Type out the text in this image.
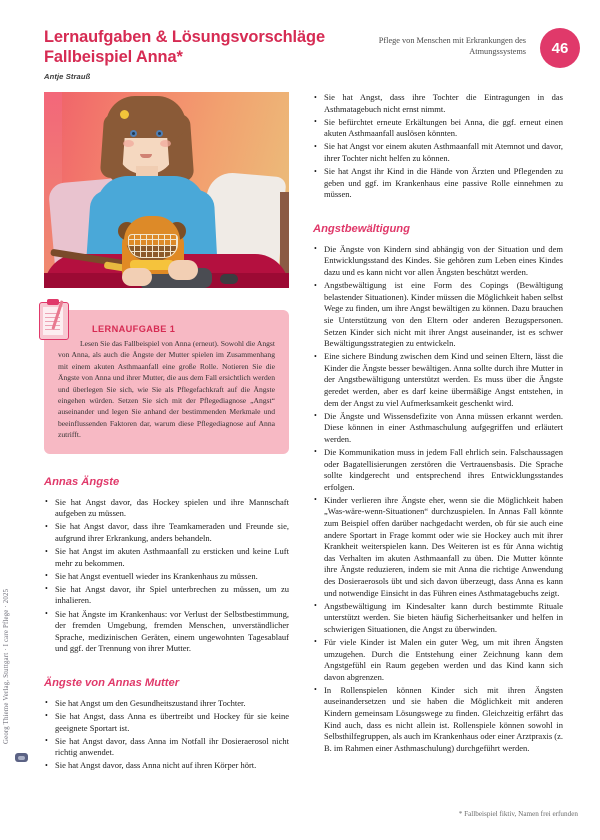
Lernaufgaben & Lösungsvorschläge
Fallbeispiel Anna*
Antje Strauß
Pflege von Menschen mit Erkrankungen des Atmungssystems	46
LERNAUFGABE 1

Lesen Sie das Fallbeispiel von Anna (erneut). Sowohl die Angst von Anna, als auch die Ängste der Mutter spielen im Zusammenhang mit einem akuten Asthmaanfall eine große Rolle. Notieren Sie die Ängste von Anna und ihrer Mutter, die aus dem Fall ersichtlich werden und überlegen Sie sich, wie Sie als Pflegefachkraft auf die Ängste eingehen würden. Setzen Sie sich mit der Pflegediagnose „Angst“ auseinander und legen Sie anhand der bestimmenden Merkmale und beeinflussenden Faktoren dar, warum diese Pflegediagnose auf Anna zutrifft.

Annas Ängste
• Sie hat Angst davor, das Hockey spielen und ihre Mannschaft aufgeben zu müssen.
• Sie hat Angst davor, dass ihre Teamkameraden und Freunde sie, aufgrund ihrer Erkrankung, anders behandeln.
• Sie hat Angst im akuten Asthmaanfall zu ersticken und keine Luft mehr zu bekommen.
• Sie hat Angst eventuell wieder ins Krankenhaus zu müssen.
• Sie hat Angst davor, ihr Spiel unterbrechen zu müssen, um zu inhalieren.
• Sie hat Ängste im Krankenhaus: vor Verlust der Selbstbestimmung, der fremden Umgebung, fremden Menschen, unverständlicher Sprache, medizinischen Geräten, einem ungewohnten Tagesablauf und ggf. der Trennung von ihrer Mutter.
Ängste von Annas Mutter
• Sie hat Angst um den Gesundheitszustand ihrer Tochter.
• Sie hat Angst, dass Anna es übertreibt und Hockey für sie keine geeignete Sportart ist.
• Sie hat Angst davor, dass Anna im Notfall ihr Dosieraerosol nicht richtig anwendet.
• Sie hat Angst davor, dass Anna nicht auf ihren Körper hört.
• Sie hat Angst, dass ihre Tochter die Eintragungen in das Asthmatagebuch nicht ernst nimmt.
• Sie befürchtet erneute Erkältungen bei Anna, die ggf. erneut einen akuten Asthmaanfall auslösen könnten.
• Sie hat Angst vor einem akuten Asthmaanfall mit Atemnot und davor, ihrer Tochter nicht helfen zu können.
• Sie hat Angst ihr Kind in die Hände von Ärzten und Pflegenden zu geben und ggf. im Krankenhaus eine passive Rolle einnehmen zu müssen.
Angstbewältigung
• Die Ängste von Kindern sind abhängig von der Situation und dem Entwicklungsstand des Kindes. Sie gehören zum Leben eines Kindes dazu und es kann nicht vor allen Ängsten beschützt werden.
• Angstbewältigung ist eine Form des Copings (Bewältigung belastender Situationen). Kinder müssen die Möglichkeit haben selbst Wege zu finden, um ihre Angst bewältigen zu können. Dazu brauchen sie Unterstützung von den Eltern oder anderen Bezugspersonen. Setzen Kinder sich nicht mit ihrer Angst auseinander, ist es schwer Bewältigungsstrategien zu entwickeln.
• Eine sichere Bindung zwischen dem Kind und seinen Eltern, lässt die Kinder die Ängste besser bewältigen. Anna sollte durch ihre Mutter in der Angstbewältigung unterstützt werden. Es muss über die Ängste geredet werden, aber es darf keine übermäßige Angst entstehen, in dem der Angst zu viel Aufmerksamkeit geschenkt wird.
• Die Ängste und Wissensdefizite von Anna müssen erkannt werden. Diese können in einer Asthmaschulung aufgegriffen und erläutert werden.
• Die Kommunikation muss in jedem Fall ehrlich sein. Falschaussagen oder Bagatellisierungen zerstören die Vertrauensbasis. Die Sprache sollte kindgerecht und entsprechend ihres Entwicklungsstandes erfolgen.
• Kinder verlieren ihre Ängste eher, wenn sie die Möglichkeit haben „Was-wäre-wenn-Situationen“ durchzuspielen. In Annas Fall könnte zum Beispiel offen darüber nachgedacht werden, ob für sie auch eine andere Sportart in Frage kommt oder wie sie Hockey auch mit ihrer Krankheit weiterspielen kann. Des Weiteren ist es für Anna wichtig das Verhalten im akuten Asthmaanfall zu üben. Die Mutter könnte ihre Ängste reduzieren, indem sie mit Anna die richtige Anwendung des Dosieraerosols übt und sich davon überzeugt, dass Anna es kann und notwendige Einsicht in das Führen eines Asthmatagebuchs zeigt.
• Angstbewältigung im Kindesalter kann durch bestimmte Rituale unterstützt werden. Sie bieten häufig Sicherheitsanker und helfen in schwierigen Situationen, die Angst zu überwinden.
• Für viele Kinder ist Malen ein guter Weg, um mit ihren Ängsten umzugehen. Durch die Entstehung einer Zeichnung kann dem Angstgefühl ein Raum gegeben werden und das Kind kann sich davon abgrenzen.
• In Rollenspielen können Kinder sich mit ihren Ängsten auseinandersetzen und sie haben die Möglichkeit mit anderen Kindern gemeinsam Lösungswege zu finden. Gleichzeitig erfährt das Kind auch, dass es nicht allein ist. Rollenspiele können sowohl in Selbsthilfegruppen, als auch im Krankenhaus oder einer Arztpraxis (z. B. im Rahmen einer Asthmaschulung) durchgeführt werden.
Georg Thieme Verlag, Stuttgart · I care Pflege · 2025
* Fallbeispiel fiktiv, Namen frei erfunden
